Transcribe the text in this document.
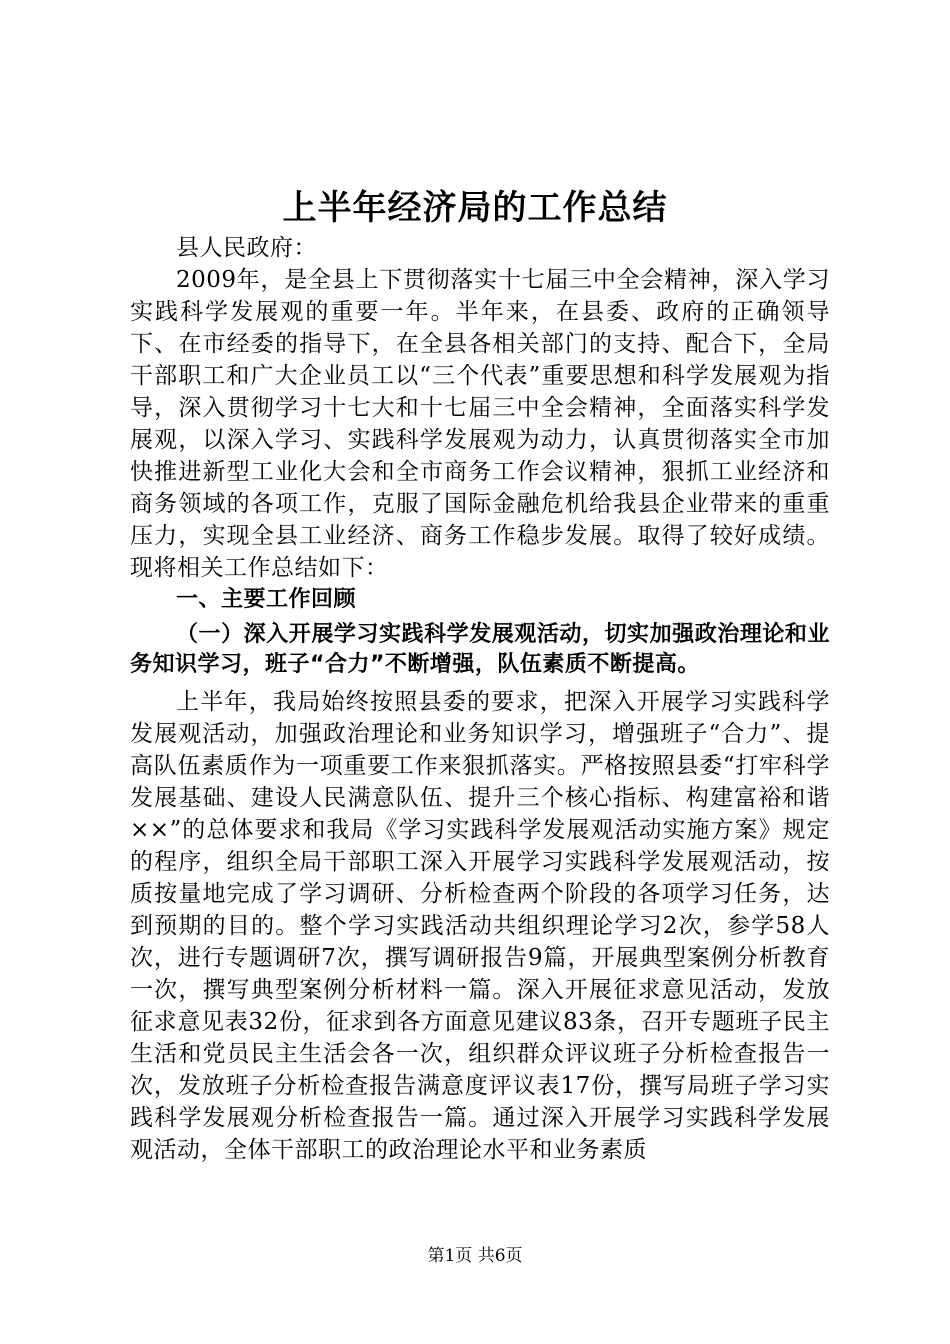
上半年经济局的工作总结

县人民政府：

2009年，是全县上下贯彻落实十七届三中全会精神，深入学习实践科学发展观的重要一年。半年来，在县委、政府的正确领导下、在市经委的指导下，在全县各相关部门的支持、配合下，全局干部职工和广大企业员工以“三个代表”重要思想和科学发展观为指导，深入贯彻学习十七大和十七届三中全会精神，全面落实科学发展观，以深入学习、实践科学发展观为动力，认真贯彻落实全市加快推进新型工业化大会和全市商务工作会议精神，狠抓工业经济和商务领域的各项工作，克服了国际金融危机给我县企业带来的重重压力，实现全县工业经济、商务工作稳步发展。取得了较好成绩。现将相关工作总结如下：

一、主要工作回顾

（一）深入开展学习实践科学发展观活动，切实加强政治理论和业务知识学习，班子“合力”不断增强，队伍素质不断提高。

上半年，我局始终按照县委的要求，把深入开展学习实践科学发展观活动，加强政治理论和业务知识学习，增强班子“合力”、提高队伍素质作为一项重要工作来狠抓落实。严格按照县委“打牢科学发展基础、建设人民满意队伍、提升三个核心指标、构建富裕和谐××”的总体要求和我局《学习实践科学发展观活动实施方案》规定的程序，组织全局干部职工深入开展学习实践科学发展观活动，按质按量地完成了学习调研、分析检查两个阶段的各项学习任务，达到预期的目的。整个学习实践活动共组织理论学习2次，参学58人次，进行专题调研7次，撰写调研报告9篇，开展典型案例分析教育一次，撰写典型案例分析材料一篇。深入开展征求意见活动，发放征求意见表32份，征求到各方面意见建议83条，召开专题班子民主生活和党员民主生活会各一次，组织群众评议班子分析检查报告一次，发放班子分析检查报告满意度评议表17份，撰写局班子学习实践科学发展观分析检查报告一篇。通过深入开展学习实践科学发展观活动，全体干部职工的政治理论水平和业务素质

第1页 共6页
